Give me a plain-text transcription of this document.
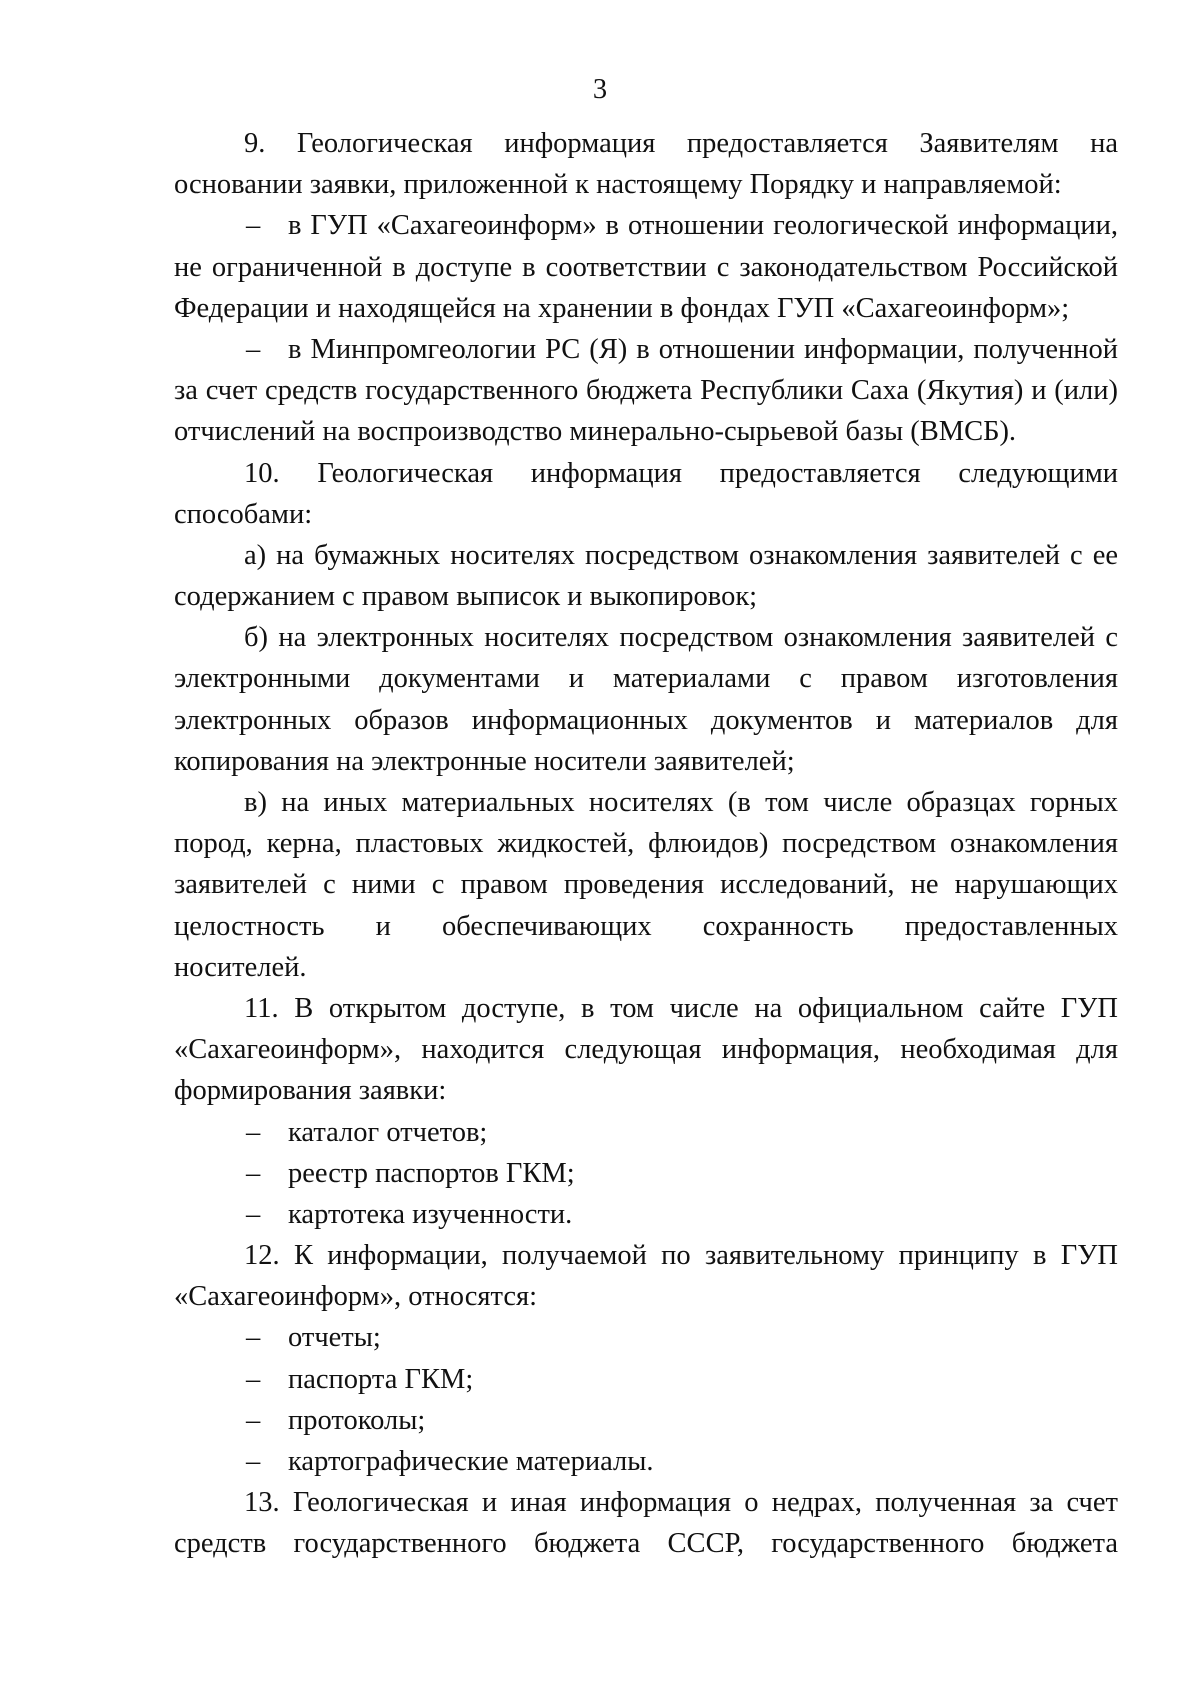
3
9. Геологическая информация предоставляется Заявителям на
основании заявки, приложенной к настоящему Порядку и направляемой:
– в ГУП «Сахагеоинформ» в отношении геологической информации,
не ограниченной в доступе в соответствии с законодательством Российской
Федерации и находящейся на хранении в фондах ГУП «Сахагеоинформ»;
– в Минпромгеологии РС (Я) в отношении информации, полученной
за счет средств государственного бюджета Республики Саха (Якутия) и (или)
отчислений на воспроизводство минерально-сырьевой базы (ВМСБ).
10. Геологическая информация предоставляется следующими
способами:
а) на бумажных носителях посредством ознакомления заявителей с ее
содержанием с правом выписок и выкопировок;
б) на электронных носителях посредством ознакомления заявителей с
электронными документами и материалами с правом изготовления
электронных образов информационных документов и материалов для
копирования на электронные носители заявителей;
в) на иных материальных носителях (в том числе образцах горных
пород, керна, пластовых жидкостей, флюидов) посредством ознакомления
заявителей с ними с правом проведения исследований, не нарушающих
целостность и обеспечивающих сохранность предоставленных
носителей.
11. В открытом доступе, в том числе на официальном сайте ГУП
«Сахагеоинформ», находится следующая информация, необходимая для
формирования заявки:
– каталог отчетов;
– реестр паспортов ГКМ;
– картотека изученности.
12. К информации, получаемой по заявительному принципу в ГУП
«Сахагеоинформ», относятся:
– отчеты;
– паспорта ГКМ;
– протоколы;
– картографические материалы.
13. Геологическая и иная информация о недрах, полученная за счет
средств государственного бюджета СССР, государственного бюджета
